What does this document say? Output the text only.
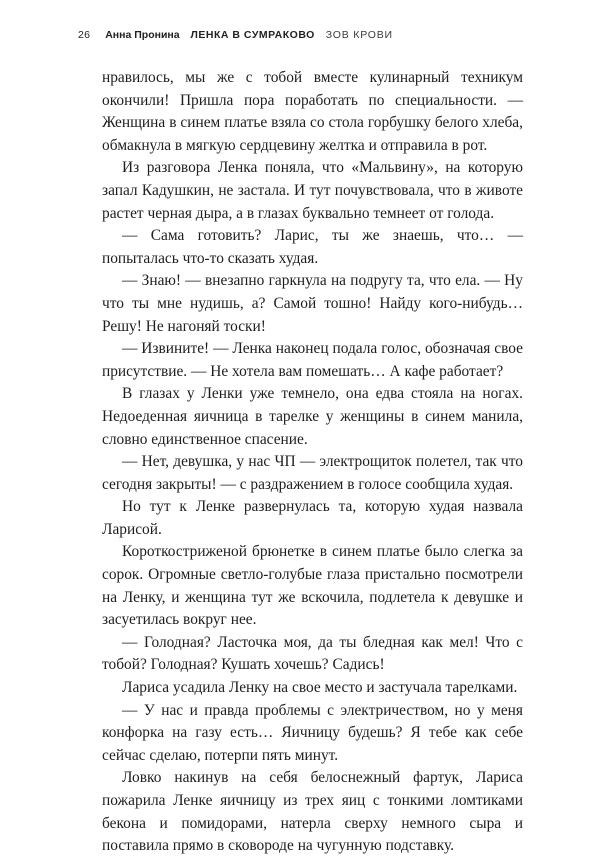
26 Анна Пронина ЛЕНКА В СУМРАКОВО ЗОВ КРОВИ

нравилось, мы же с тобой вместе кулинарный техникум окончили! Пришла пора поработать по специальности. — Женщина в синем платье взяла со стола горбушку белого хлеба, обмакнула в мягкую сердцевину желтка и отправила в рот.

Из разговора Ленка поняла, что «Мальвину», на которую запал Кадушкин, не застала. И тут почувствовала, что в животе растет черная дыра, а в глазах буквально темнеет от голода.

— Сама готовить? Ларис, ты же знаешь, что… — попыталась что-то сказать худая.

— Знаю! — внезапно гаркнула на подругу та, что ела. — Ну что ты мне нудишь, а? Самой тошно! Найду кого-нибудь… Решу! Не нагоняй тоски!

— Извините! — Ленка наконец подала голос, обозначая свое присутствие. — Не хотела вам помешать… А кафе работает?

В глазах у Ленки уже темнело, она едва стояла на ногах. Недоеденная яичница в тарелке у женщины в синем манила, словно единственное спасение.

— Нет, девушка, у нас ЧП — электрощиток полетел, так что сегодня закрыты! — с раздражением в голосе сообщила худая.

Но тут к Ленке развернулась та, которую худая назвала Ларисой.

Короткостриженой брюнетке в синем платье было слегка за сорок. Огромные светло-голубые глаза пристально посмотрели на Ленку, и женщина тут же вскочила, подлетела к девушке и засуетилась вокруг нее.

— Голодная? Ласточка моя, да ты бледная как мел! Что с тобой? Голодная? Кушать хочешь? Садись!

Лариса усадила Ленку на свое место и застучала тарелками.

— У нас и правда проблемы с электричеством, но у меня конфорка на газу есть… Яичницу будешь? Я тебе как себе сейчас сделаю, потерпи пять минут.

Ловко накинув на себя белоснежный фартук, Лариса пожарила Ленке яичницу из трех яиц с тонкими ломтиками бекона и помидорами, натерла сверху немного сыра и поставила прямо в сковороде на чугунную подставку.
